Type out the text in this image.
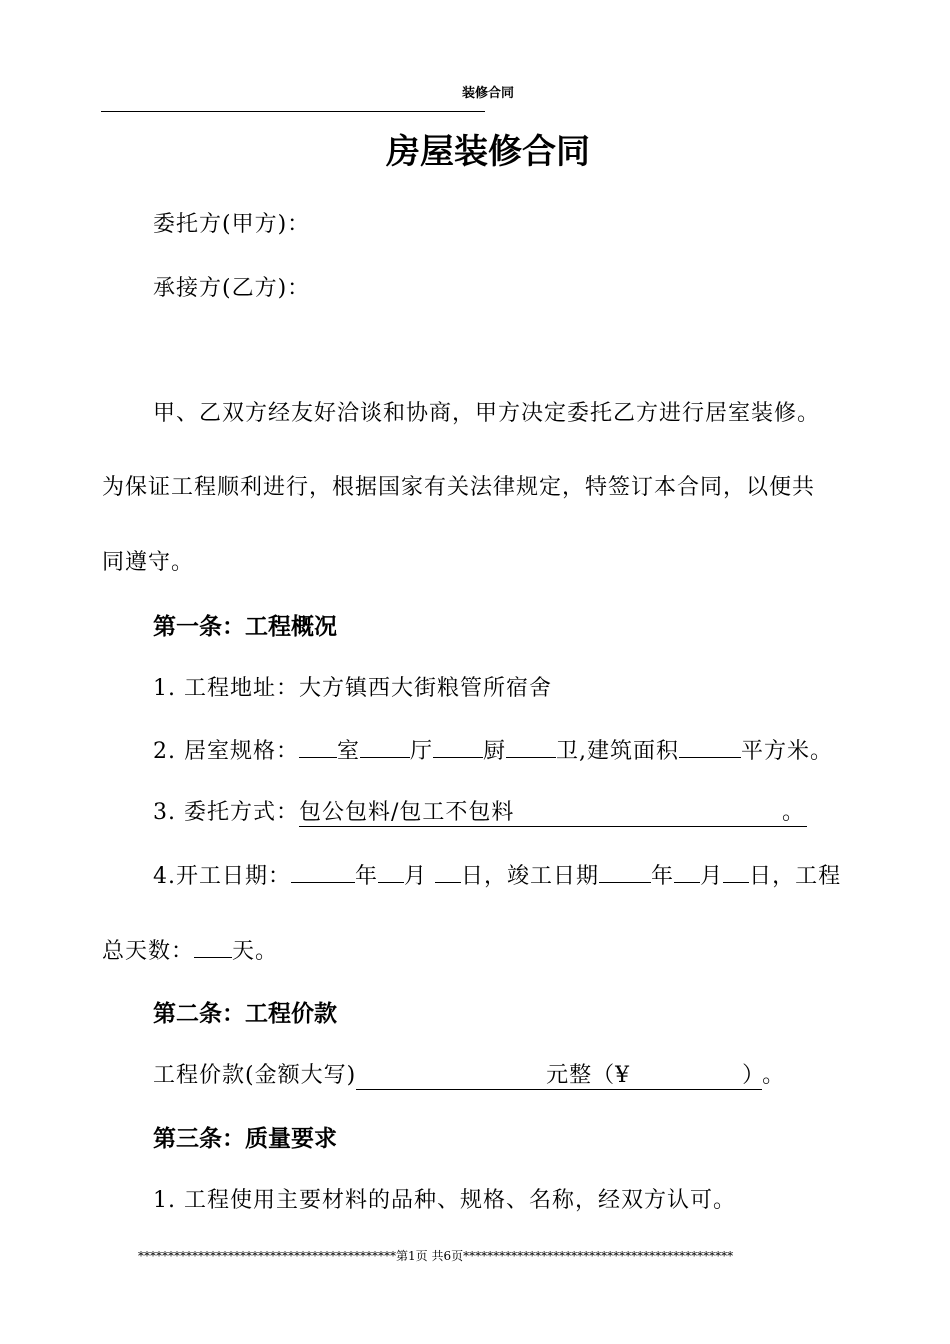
装修合同
房屋装修合同
委托方(甲方)：
承接方(乙方)：
甲、乙双方经友好洽谈和协商，甲方决定委托乙方进行居室装修。
为保证工程顺利进行，根据国家有关法律规定，特签订本合同，以便共
同遵守。
第一条：工程概况
1. 工程地址：大方镇西大街粮管所宿舍
2. 居室规格： 室 厅 厨 卫,建筑面积	平方米。
3. 委托方式：包公包料/包工不包料	。
4.开工日期：	年 月 日，竣工日期 年 月 日，工程
总天数： 天。
第二条：工程价款
工程价款(金额大写)	元整（¥	）。
第三条：质量要求
1. 工程使用主要材料的品种、规格、名称，经双方认可。
*******************************************第1页 共6页*********************************************
